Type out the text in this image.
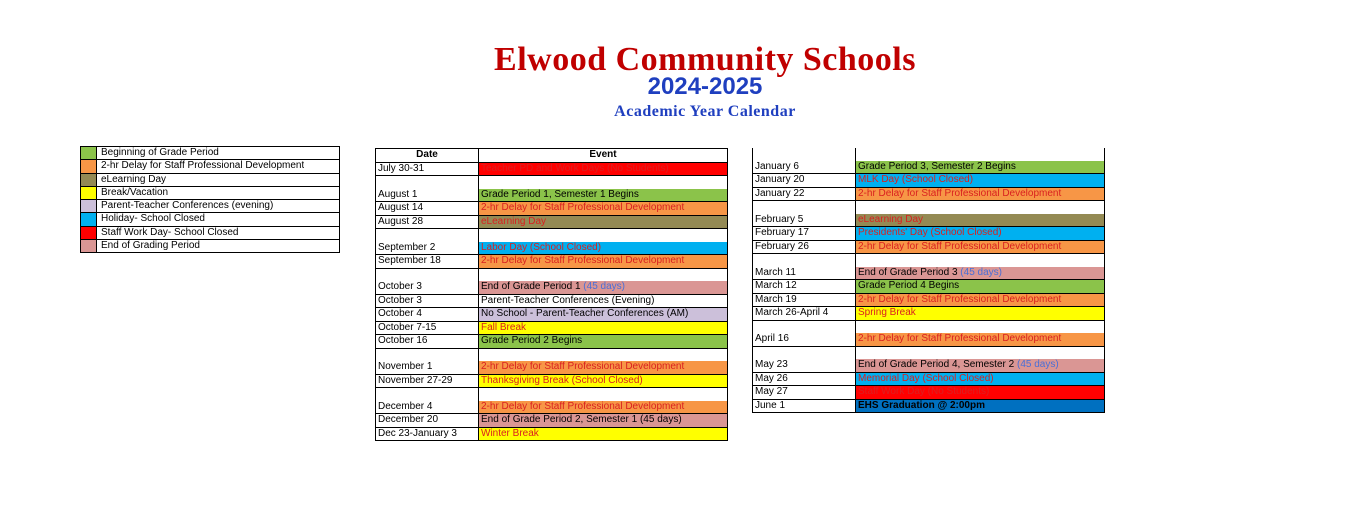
Elwood Community Schools
2024-2025
Academic Year Calendar
Beginning of Grade Period
2-hr Delay for Staff Professional Development
eLearning Day
Break/Vacation
Parent-Teacher Conferences (evening)
Holiday- School Closed
Staff Work Day- School Closed
End of Grading Period
Date	Event
July 30-31	Teacher PD and Work Days (No Students)

August 1	Grade Period 1, Semester 1 Begins
August 14	2-hr Delay for Staff Professional Development
August 28	eLearning Day

September 2	Labor Day (School Closed)
September 18	2-hr Delay for Staff Professional Development

October 3	End of Grade Period 1 (45 days)
October 3	Parent-Teacher Conferences (Evening)
October 4	No School - Parent-Teacher Conferences (AM)
October 7-15	Fall Break
October 16	Grade Period 2 Begins

November 1	2-hr Delay for Staff Professional Development
November 27-29	Thanksgiving Break (School Closed)

December 4	2-hr Delay for Staff Professional Development
December 20	End of Grade Period 2, Semester 1 (45 days)
Dec 23-January 3	Winter Break

January 6	Grade Period 3, Semester 2 Begins
January 20	MLK Day (School Closed)
January 22	2-hr Delay for Staff Professional Development

February 5	eLearning Day
February 17	Presidents' Day (School Closed)
February 26	2-hr Delay for Staff Professional Development

March 11	End of Grade Period 3 (45 days)
March 12	Grade Period 4 Begins
March 19	2-hr Delay for Staff Professional Development
March 26-April 4	Spring Break

April 16	2-hr Delay for Staff Professional Development

May 23	End of Grade Period 4, Semester 2 (45 days)
May 26	Memorial Day (School Closed)
May 27	Staff Work Day (No Students)
June 1	EHS Graduation @ 2:00pm
